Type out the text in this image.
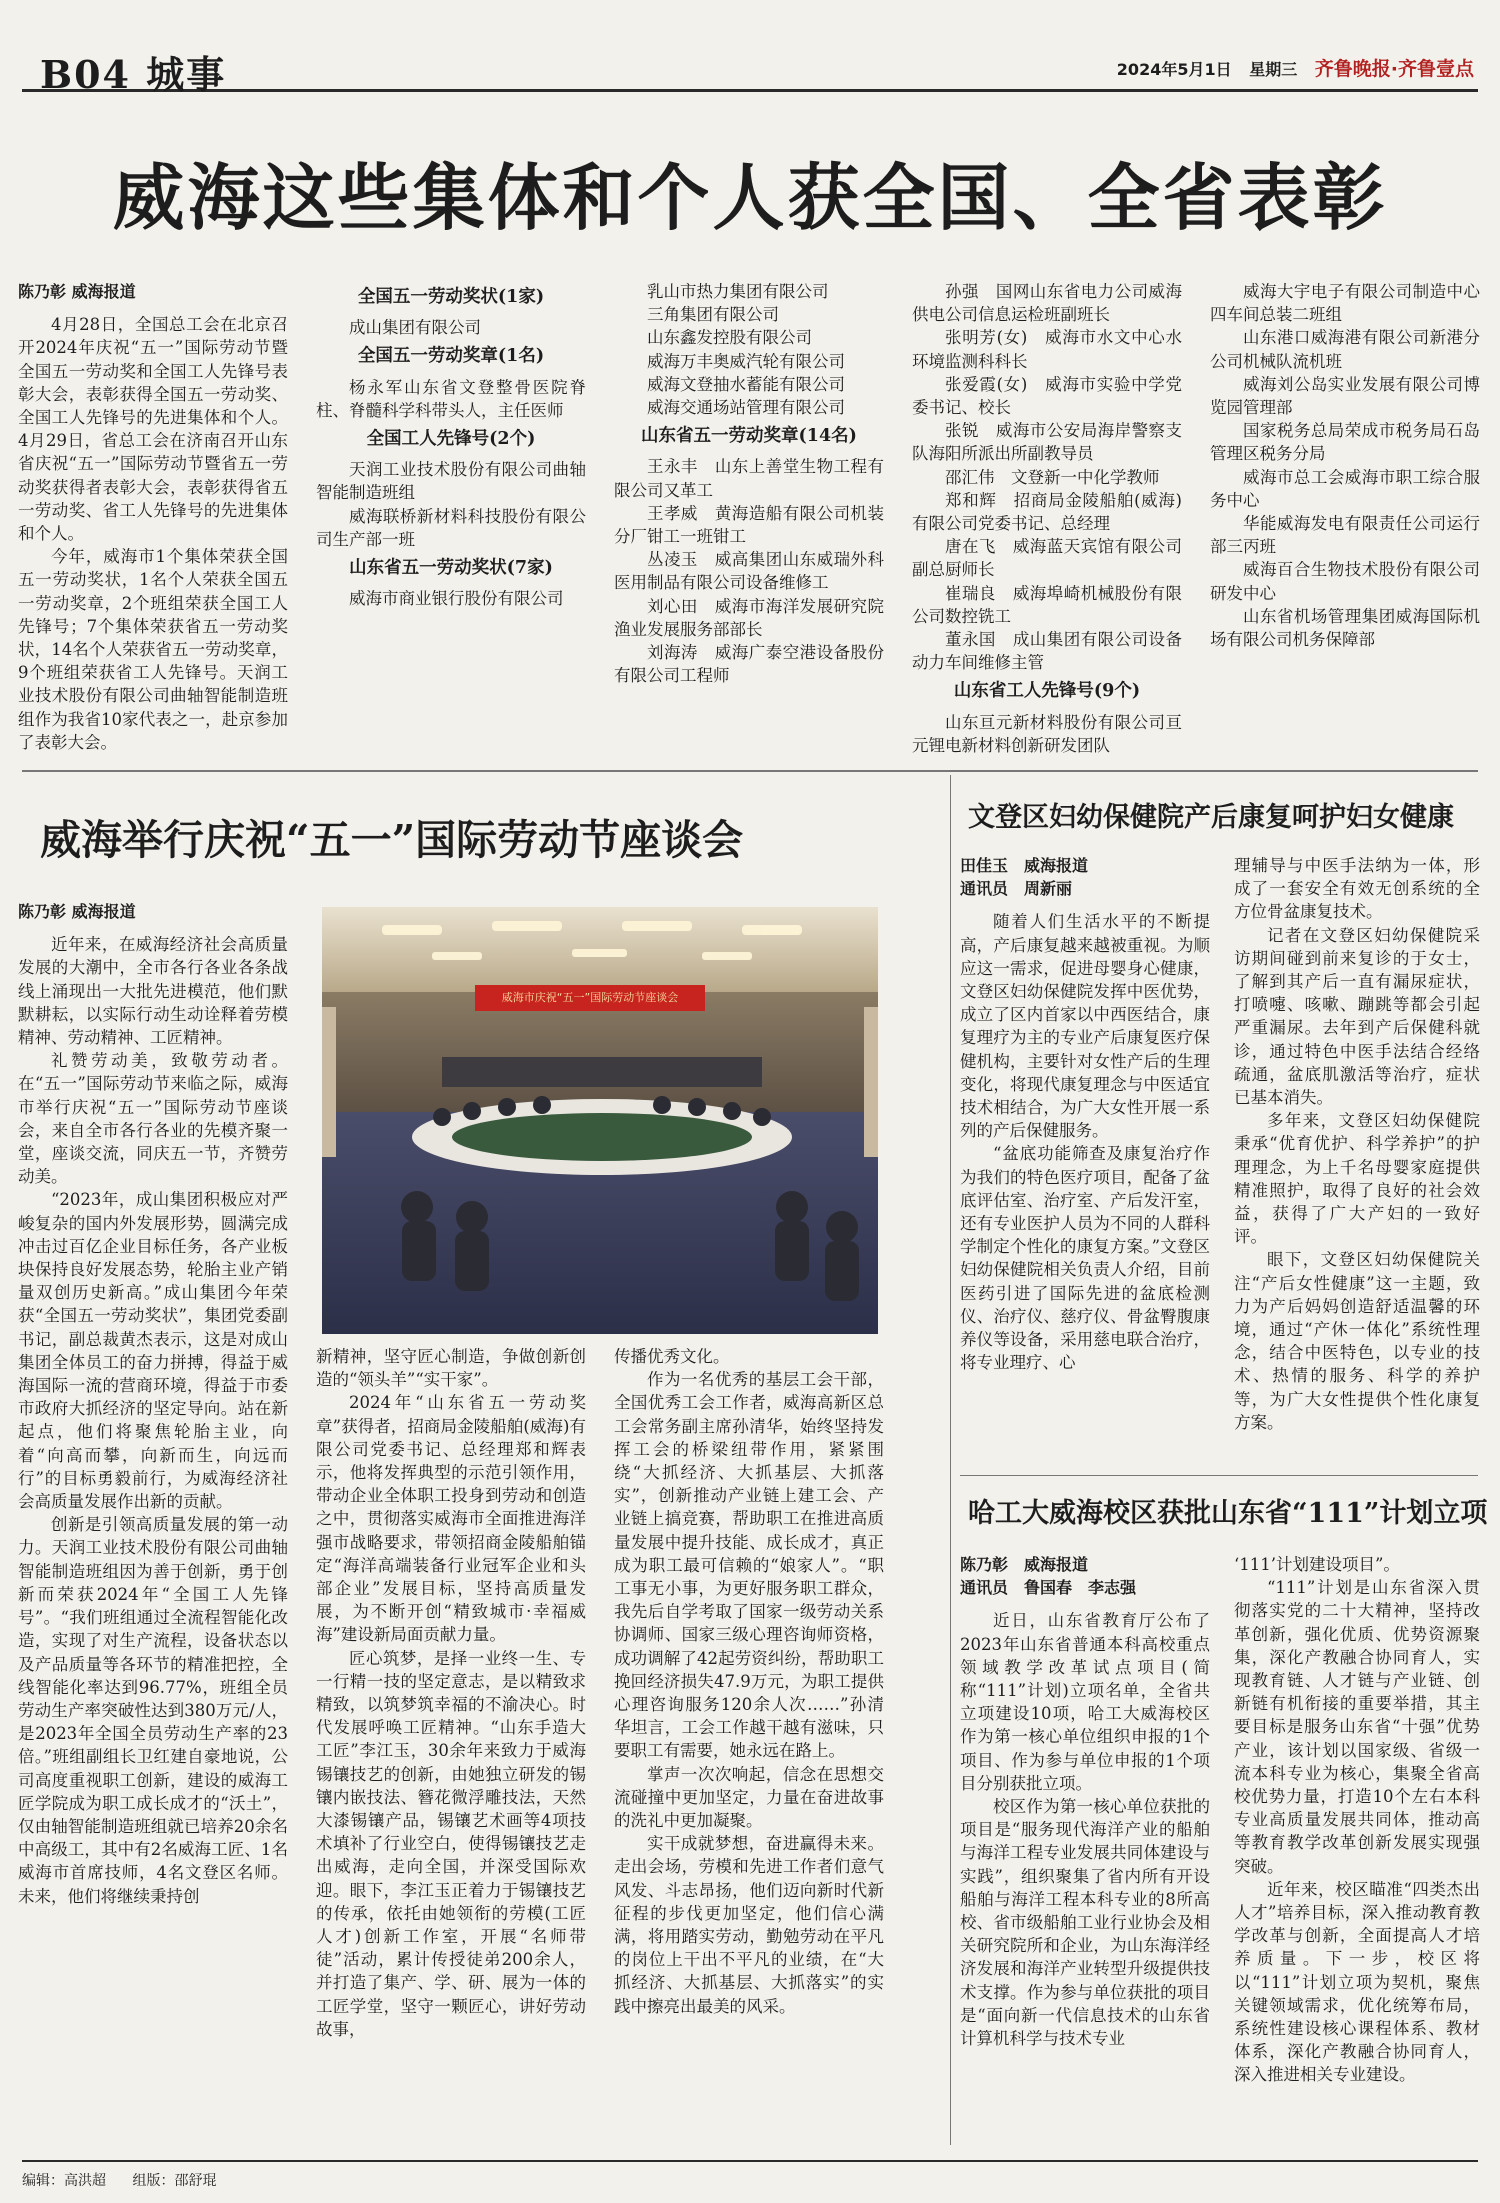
B04 城事	2024年5月1日 星期三 齐鲁晚报·齐鲁壹点
威海这些集体和个人获全国、全省表彰

陈乃彰 威海报道

4月28日，全国总工会在北京召开2024年庆祝“五一”国际劳动节暨全国五一劳动奖和全国工人先锋号表彰大会，表彰获得全国五一劳动奖、全国工人先锋号的先进集体和个人。4月29日，省总工会在济南召开山东省庆祝“五一”国际劳动节暨省五一劳动奖获得者表彰大会，表彰获得省五一劳动奖、省工人先锋号的先进集体和个人。

今年，威海市1个集体荣获全国五一劳动奖状，1名个人荣获全国五一劳动奖章，2个班组荣获全国工人先锋号；7个集体荣获省五一劳动奖状，14名个人荣获省五一劳动奖章，9个班组荣获省工人先锋号。天润工业技术股份有限公司曲轴智能制造班组作为我省10家代表之一，赴京参加了表彰大会。

全国五一劳动奖状(1家)

成山集团有限公司

全国五一劳动奖章(1名)

杨永军山东省文登整骨医院脊柱、脊髓科学科带头人，主任医师

全国工人先锋号(2个)

天润工业技术股份有限公司曲轴智能制造班组

威海联桥新材料科技股份有限公司生产部一班

山东省五一劳动奖状(7家)

威海市商业银行股份有限公司

乳山市热力集团有限公司

三角集团有限公司

山东鑫发控股有限公司

威海万丰奥威汽轮有限公司

威海文登抽水蓄能有限公司

威海交通场站管理有限公司

山东省五一劳动奖章(14名)

王永丰　山东上善堂生物工程有限公司又革工

王孝威　黄海造船有限公司机装分厂钳工一班钳工

丛凌玉　威高集团山东威瑞外科医用制品有限公司设备维修工

刘心田　威海市海洋发展研究院渔业发展服务部部长

刘海涛　威海广泰空港设备股份有限公司工程师

孙强　国网山东省电力公司威海供电公司信息运检班副班长

张明芳(女)　威海市水文中心水环境监测科科长

张爱霞(女)　威海市实验中学党委书记、校长

张锐　威海市公安局海岸警察支队海阳所派出所副教导员

邵汇伟　文登新一中化学教师

郑和辉　招商局金陵船舶(威海)有限公司党委书记、总经理

唐在飞　威海蓝天宾馆有限公司副总厨师长

崔瑞良　威海埠崎机械股份有限公司数控铣工

董永国　成山集团有限公司设备动力车间维修主管

山东省工人先锋号(9个)

山东亘元新材料股份有限公司亘元锂电新材料创新研发团队

威海大宇电子有限公司制造中心四车间总装二班组

山东港口威海港有限公司新港分公司机械队流机班

威海刘公岛实业发展有限公司博览园管理部

国家税务总局荣成市税务局石岛管理区税务分局

威海市总工会威海市职工综合服务中心

华能威海发电有限责任公司运行部三丙班

威海百合生物技术股份有限公司研发中心

山东省机场管理集团威海国际机场有限公司机务保障部

威海举行庆祝“五一”国际劳动节座谈会

陈乃彰 威海报道

近年来，在威海经济社会高质量发展的大潮中，全市各行各业各条战线上涌现出一大批先进模范，他们默默耕耘，以实际行动生动诠释着劳模精神、劳动精神、工匠精神。

礼赞劳动美，致敬劳动者。在“五一”国际劳动节来临之际，威海市举行庆祝“五一”国际劳动节座谈会，来自全市各行各业的先模齐聚一堂，座谈交流，同庆五一节，齐赞劳动美。

“2023年，成山集团积极应对严峻复杂的国内外发展形势，圆满完成冲击过百亿企业目标任务，各产业板块保持良好发展态势，轮胎主业产销量双创历史新高。”成山集团今年荣获“全国五一劳动奖状”，集团党委副书记，副总裁黄杰表示，这是对成山集团全体员工的奋力拼搏，得益于威海国际一流的营商环境，得益于市委市政府大抓经济的坚定导向。站在新起点，他们将聚焦轮胎主业，向着“向高而攀，向新而生，向远而行”的目标勇毅前行，为威海经济社会高质量发展作出新的贡献。

创新是引领高质量发展的第一动力。天润工业技术股份有限公司曲轴智能制造班组因为善于创新，勇于创新而荣获2024年“全国工人先锋号”。“我们班组通过全流程智能化改造，实现了对生产流程，设备状态以及产品质量等各环节的精准把控，全线智能化率达到96.77%，班组全员劳动生产率突破性达到380万元/人，是2023年全国全员劳动生产率的23倍。”班组副组长卫红建自豪地说，公司高度重视职工创新，建设的威海工匠学院成为职工成长成才的“沃土”，仅由轴智能制造班组就已培养20余名中高级工，其中有2名威海工匠、1名威海市首席技师，4名文登区名师。未来，他们将继续秉持创

威海市庆祝“五一”国际劳动节座谈会

新精神，坚守匠心制造，争做创新创造的“领头羊”“实干家”。

2024年“山东省五一劳动奖章”获得者，招商局金陵船舶(威海)有限公司党委书记、总经理郑和辉表示，他将发挥典型的示范引领作用，带动企业全体职工投身到劳动和创造之中，贯彻落实威海市全面推进海洋强市战略要求，带领招商金陵船舶锚定“海洋高端装备行业冠军企业和头部企业”发展目标，坚持高质量发展，为不断开创“精致城市·幸福威海”建设新局面贡献力量。

匠心筑梦，是择一业终一生、专一行精一技的坚定意志，是以精致求精致，以筑梦筑幸福的不渝决心。时代发展呼唤工匠精神。“山东手造大工匠”李江玉，30余年来致力于威海锡镶技艺的创新，由她独立研发的锡镶内嵌技法、簪花微浮雕技法，天然大漆锡镶产品，锡镶艺术画等4项技术填补了行业空白，使得锡镶技艺走出威海，走向全国，并深受国际欢迎。眼下，李江玉正着力于锡镶技艺的传承，依托由她领衔的劳模(工匠人才)创新工作室，开展“名师带徒”活动，累计传授徒弟200余人，并打造了集产、学、研、展为一体的工匠学堂，坚守一颗匠心，讲好劳动故事，

传播优秀文化。

作为一名优秀的基层工会干部，全国优秀工会工作者，威海高新区总工会常务副主席孙清华，始终坚持发挥工会的桥梁纽带作用，紧紧围绕“大抓经济、大抓基层、大抓落实”，创新推动产业链上建工会、产业链上搞竞赛，帮助职工在推进高质量发展中提升技能、成长成才，真正成为职工最可信赖的“娘家人”。“职工事无小事，为更好服务职工群众，我先后自学考取了国家一级劳动关系协调师、国家三级心理咨询师资格，成功调解了42起劳资纠纷，帮助职工挽回经济损失47.9万元，为职工提供心理咨询服务120余人次……”孙清华坦言，工会工作越干越有滋味，只要职工有需要，她永远在路上。

掌声一次次响起，信念在思想交流碰撞中更加坚定，力量在奋进故事的洗礼中更加凝聚。

实干成就梦想，奋进赢得未来。走出会场，劳模和先进工作者们意气风发、斗志昂扬，他们迈向新时代新征程的步伐更加坚定，他们信心满满，将用踏实劳动，勤勉劳动在平凡的岗位上干出不平凡的业绩，在“大抓经济、大抓基层、大抓落实”的实践中擦亮出最美的风采。

文登区妇幼保健院产后康复呵护妇女健康

田佳玉　威海报道

通讯员　周新丽

随着人们生活水平的不断提高，产后康复越来越被重视。为顺应这一需求，促进母婴身心健康，文登区妇幼保健院发挥中医优势，成立了区内首家以中西医结合，康复理疗为主的专业产后康复医疗保健机构，主要针对女性产后的生理变化，将现代康复理念与中医适宜技术相结合，为广大女性开展一系列的产后保健服务。

“盆底功能筛查及康复治疗作为我们的特色医疗项目，配备了盆底评估室、治疗室、产后发汗室，还有专业医护人员为不同的人群科学制定个性化的康复方案。”文登区妇幼保健院相关负责人介绍，目前医药引进了国际先进的盆底检测仪、治疗仪、慈疗仪、骨盆臀腹康养仪等设备，采用慈电联合治疗，将专业理疗、心

理辅导与中医手法纳为一体，形成了一套安全有效无创系统的全方位骨盆康复技术。

记者在文登区妇幼保健院采访期间碰到前来复诊的于女士，了解到其产后一直有漏尿症状，打喷嚏、咳嗽、蹦跳等都会引起严重漏尿。去年到产后保健科就诊，通过特色中医手法结合经络疏通，盆底肌激活等治疗，症状已基本消失。

多年来，文登区妇幼保健院秉承“优育优护、科学养护”的护理理念，为上千名母婴家庭提供精准照护，取得了良好的社会效益，获得了广大产妇的一致好评。

眼下，文登区妇幼保健院关注“产后女性健康”这一主题，致力为产后妈妈创造舒适温馨的环境，通过“产休一体化”系统性理念，结合中医特色，以专业的技术、热情的服务、科学的养护等，为广大女性提供个性化康复方案。

哈工大威海校区获批山东省“111”计划立项

陈乃彰　威海报道

通讯员　鲁国春　李志强

近日，山东省教育厅公布了2023年山东省普通本科高校重点领域教学改革试点项目(简称“111”计划)立项名单，全省共立项建设10项，哈工大威海校区作为第一核心单位组织申报的1个项目、作为参与单位申报的1个项目分别获批立项。

校区作为第一核心单位获批的项目是“服务现代海洋产业的船舶与海洋工程专业发展共同体建设与实践”，组织聚集了省内所有开设船舶与海洋工程本科专业的8所高校、省市级船舶工业行业协会及相关研究院所和企业，为山东海洋经济发展和海洋产业转型升级提供技术支撑。作为参与单位获批的项目是“面向新一代信息技术的山东省计算机科学与技术专业

‘111’计划建设项目”。

“111”计划是山东省深入贯彻落实党的二十大精神，坚持改革创新，强化优质、优势资源聚集，深化产教融合协同育人，实现教育链、人才链与产业链、创新链有机衔接的重要举措，其主要目标是服务山东省“十强”优势产业，该计划以国家级、省级一流本科专业为核心，集聚全省高校优势力量，打造10个左右本科专业高质量发展共同体，推动高等教育教学改革创新发展实现强突破。

近年来，校区瞄准“四类杰出人才”培养目标，深入推动教育教学改革与创新，全面提高人才培养质量。下一步，校区将以“111”计划立项为契机，聚焦关键领域需求，优化统筹布局，系统性建设核心课程体系、教材体系，深化产教融合协同育人，深入推进相关专业建设。

编辑：高洪超 组版：邵舒琨
